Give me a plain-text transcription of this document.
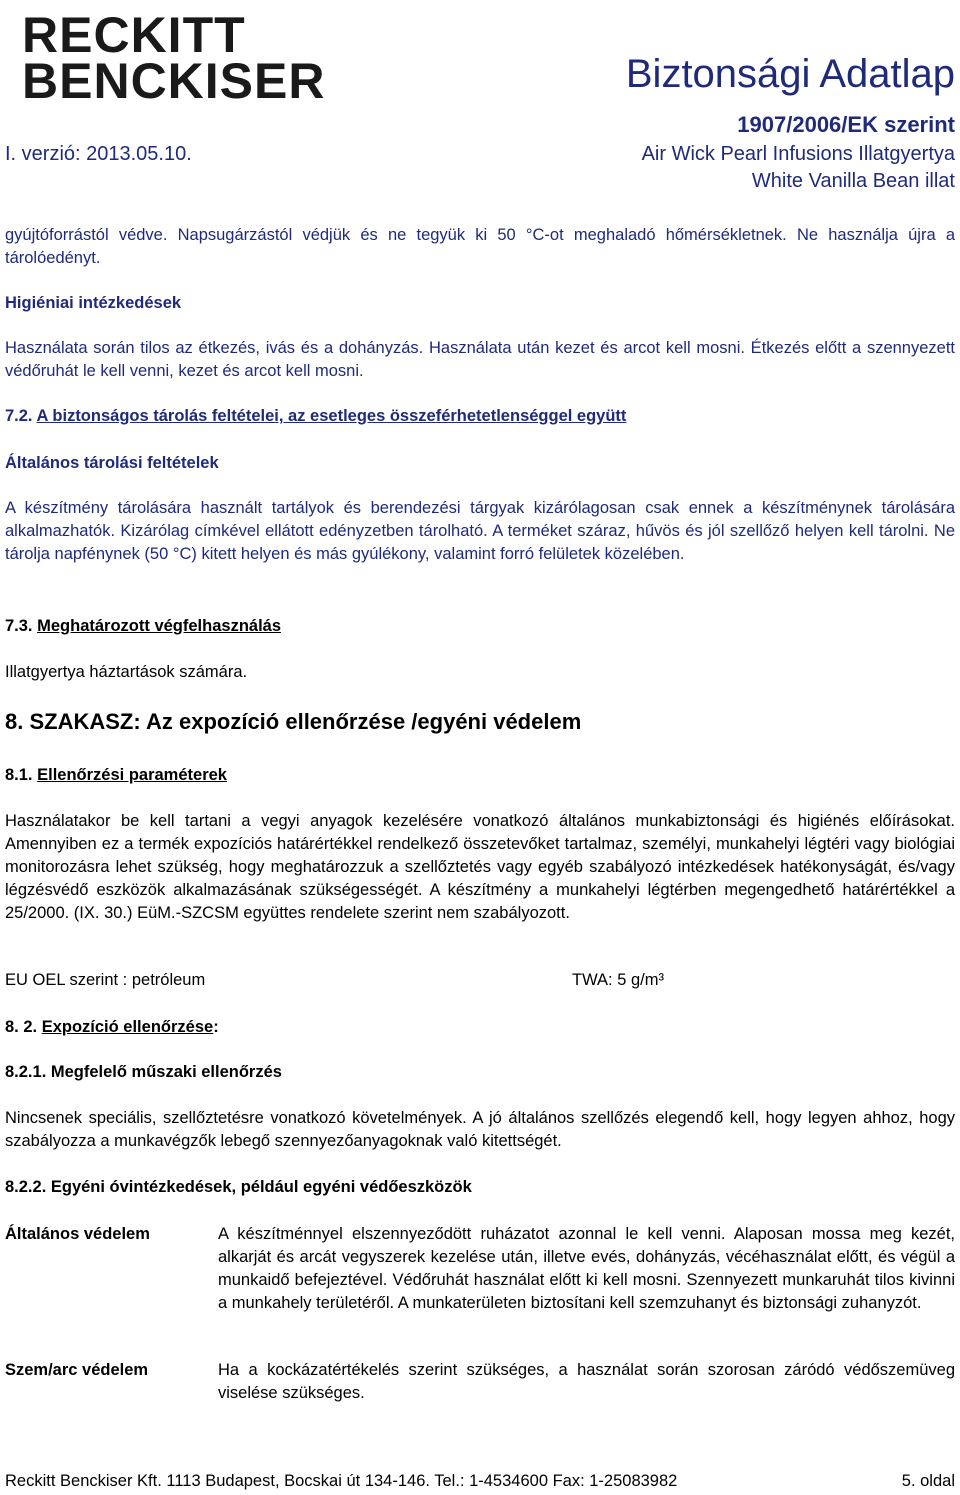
RECKITT
BENCKISER	Biztonsági Adatlap
1907/2006/EK szerint
I. verzió: 2013.05.10.	Air Wick Pearl Infusions Illatgyertya
White Vanilla Bean illat
gyújtóforrástól védve. Napsugárzástól védjük és ne tegyük ki 50 °C-ot meghaladó hőmérsékletnek. Ne használja újra a tárolóedényt.
Higiéniai intézkedések
Használata során tilos az étkezés, ivás és a dohányzás. Használata után kezet és arcot kell mosni. Étkezés előtt a szennyezett védőruhát le kell venni, kezet és arcot kell mosni.
7.2. A biztonságos tárolás feltételei, az esetleges összeférhetetlenséggel együtt
Általános tárolási feltételek
A készítmény tárolására használt tartályok és berendezési tárgyak kizárólagosan csak ennek a készítménynek tárolására alkalmazhatók. Kizárólag címkével ellátott edényzetben tárolható. A terméket száraz, hűvös és jól szellőző helyen kell tárolni. Ne tárolja napfénynek (50 °C) kitett helyen és más gyúlékony, valamint forró felületek közelében.
7.3. Meghatározott végfelhasználás
Illatgyertya háztartások számára.
8. SZAKASZ: Az expozíció ellenőrzése /egyéni védelem
8.1. Ellenőrzési paraméterek
Használatakor be kell tartani a vegyi anyagok kezelésére vonatkozó általános munkabiztonsági és higiénés előírásokat. Amennyiben ez a termék expozíciós határértékkel rendelkező összetevőket tartalmaz, személyi, munkahelyi légtéri vagy biológiai monitorozásra lehet szükség, hogy meghatározzuk a szellőztetés vagy egyéb szabályozó intézkedések hatékonyságát, és/vagy légzésvédő eszközök alkalmazásának szükségességét. A készítmény a munkahelyi légtérben megengedhető határértékkel a 25/2000. (IX. 30.) EüM.-SZCSM együttes rendelete szerint nem szabályozott.
EU OEL szerint : petróleum	TWA: 5 g/m³
8. 2. Expozíció ellenőrzése:
8.2.1. Megfelelő műszaki ellenőrzés
Nincsenek speciális, szellőztetésre vonatkozó követelmények. A jó általános szellőzés elegendő kell, hogy legyen ahhoz, hogy szabályozza a munkavégzők lebegő szennyezőanyagoknak való kitettségét.
8.2.2. Egyéni óvintézkedések, például egyéni védőeszközök
Általános védelem	A készítménnyel elszennyeződött ruházatot azonnal le kell venni. Alaposan mossa meg kezét, alkarját és arcát vegyszerek kezelése után, illetve evés, dohányzás, vécéhasználat előtt, és végül a munkaidő befejeztével. Védőruhát használat előtt ki kell mosni. Szennyezett munkaruhát tilos kivinni a munkahely területéről. A munkaterületen biztosítani kell szemzuhanyt és biztonsági zuhanyzót.
Szem/arc védelem	Ha a kockázatértékelés szerint szükséges, a használat során szorosan záródó védőszemüveg viselése szükséges.
Reckitt Benckiser Kft. 1113 Budapest, Bocskai út 134-146. Tel.: 1-4534600 Fax: 1-25083982	5. oldal
